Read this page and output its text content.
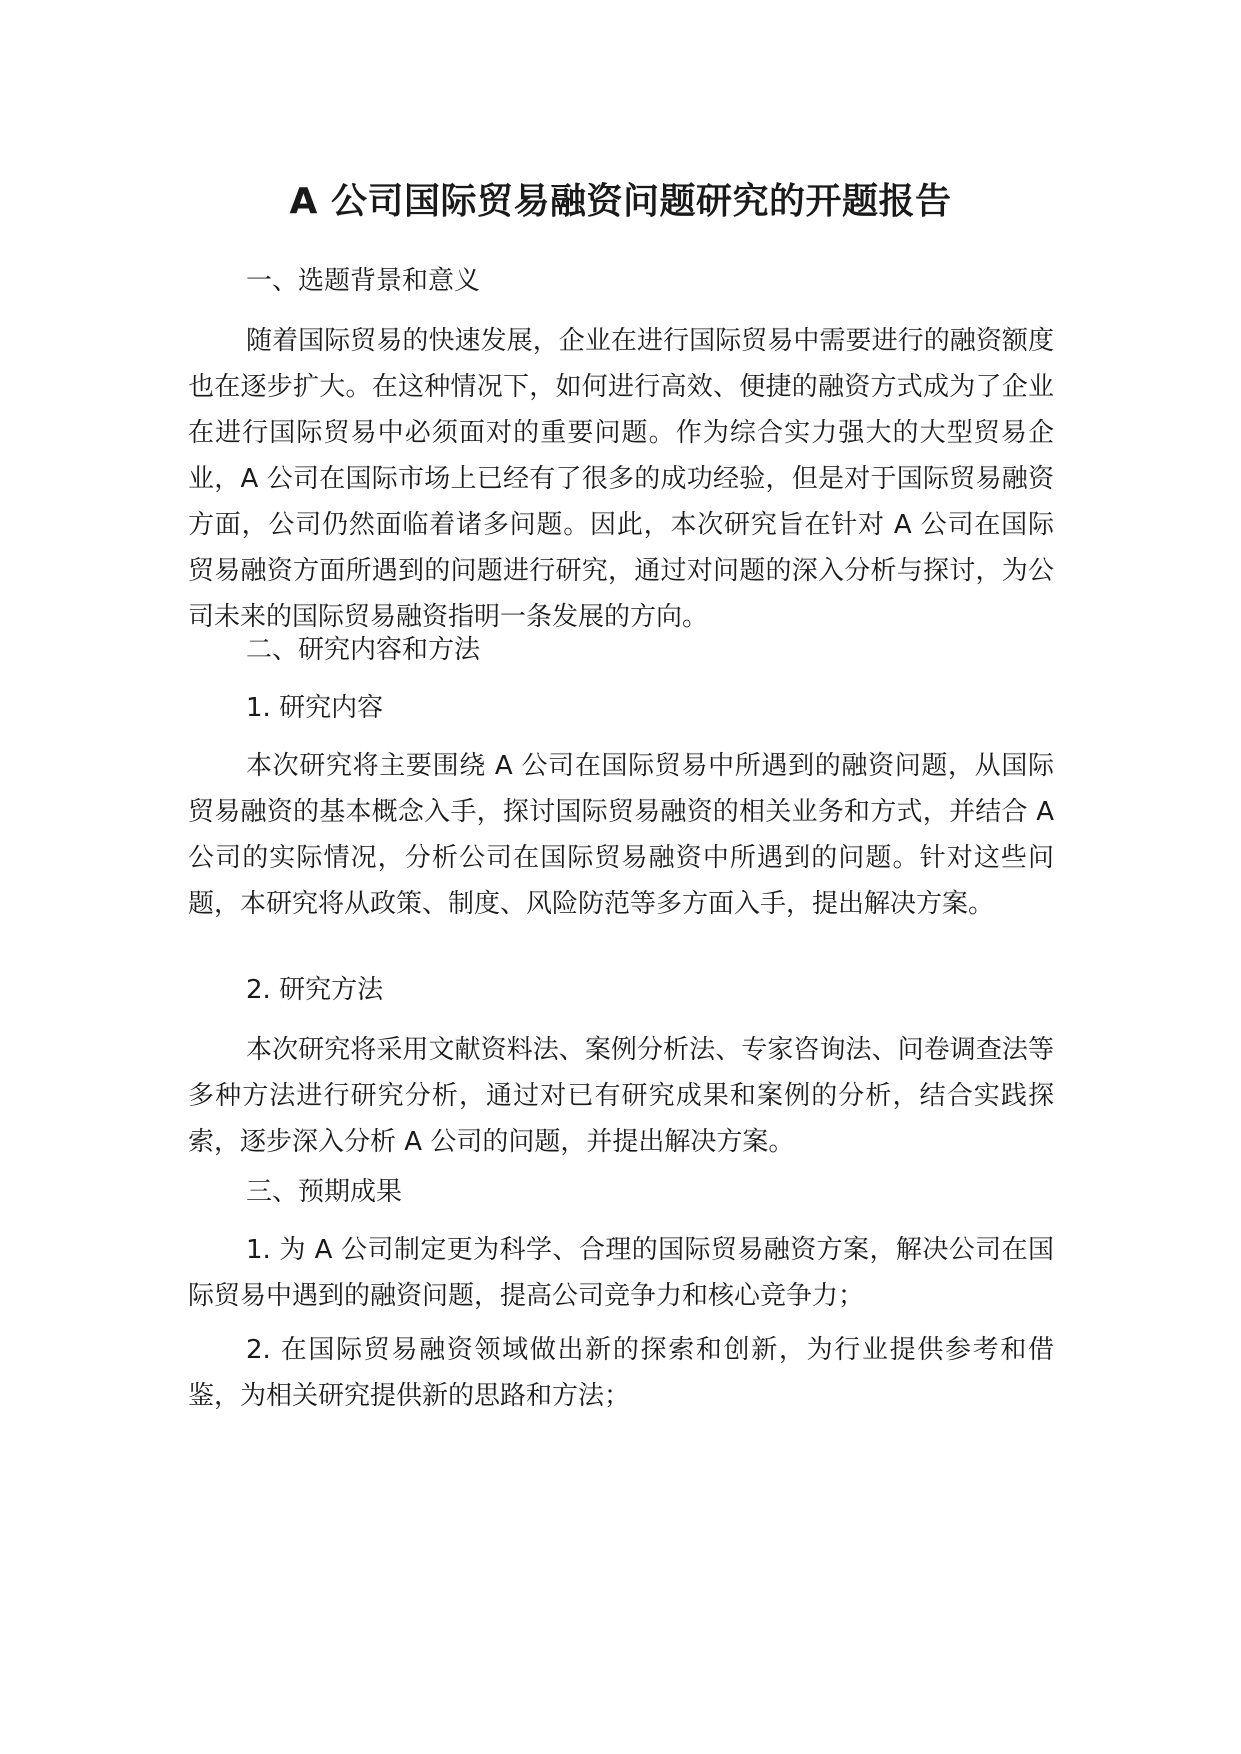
A 公司国际贸易融资问题研究的开题报告

一、选题背景和意义

随着国际贸易的快速发展，企业在进行国际贸易中需要进行的融资额度也在逐步扩大。在这种情况下，如何进行高效、便捷的融资方式成为了企业在进行国际贸易中必须面对的重要问题。作为综合实力强大的大型贸易企业，A 公司在国际市场上已经有了很多的成功经验，但是对于国际贸易融资方面，公司仍然面临着诸多问题。因此，本次研究旨在针对 A 公司在国际贸易融资方面所遇到的问题进行研究，通过对问题的深入分析与探讨，为公司未来的国际贸易融资指明一条发展的方向。

二、研究内容和方法

1. 研究内容

本次研究将主要围绕 A 公司在国际贸易中所遇到的融资问题，从国际贸易融资的基本概念入手，探讨国际贸易融资的相关业务和方式，并结合 A 公司的实际情况，分析公司在国际贸易融资中所遇到的问题。针对这些问题，本研究将从政策、制度、风险防范等多方面入手，提出解决方案。

2. 研究方法

本次研究将采用文献资料法、案例分析法、专家咨询法、问卷调查法等多种方法进行研究分析，通过对已有研究成果和案例的分析，结合实践探索，逐步深入分析 A 公司的问题，并提出解决方案。

三、预期成果

1. 为 A 公司制定更为科学、合理的国际贸易融资方案，解决公司在国际贸易中遇到的融资问题，提高公司竞争力和核心竞争力；

2. 在国际贸易融资领域做出新的探索和创新，为行业提供参考和借鉴，为相关研究提供新的思路和方法；
